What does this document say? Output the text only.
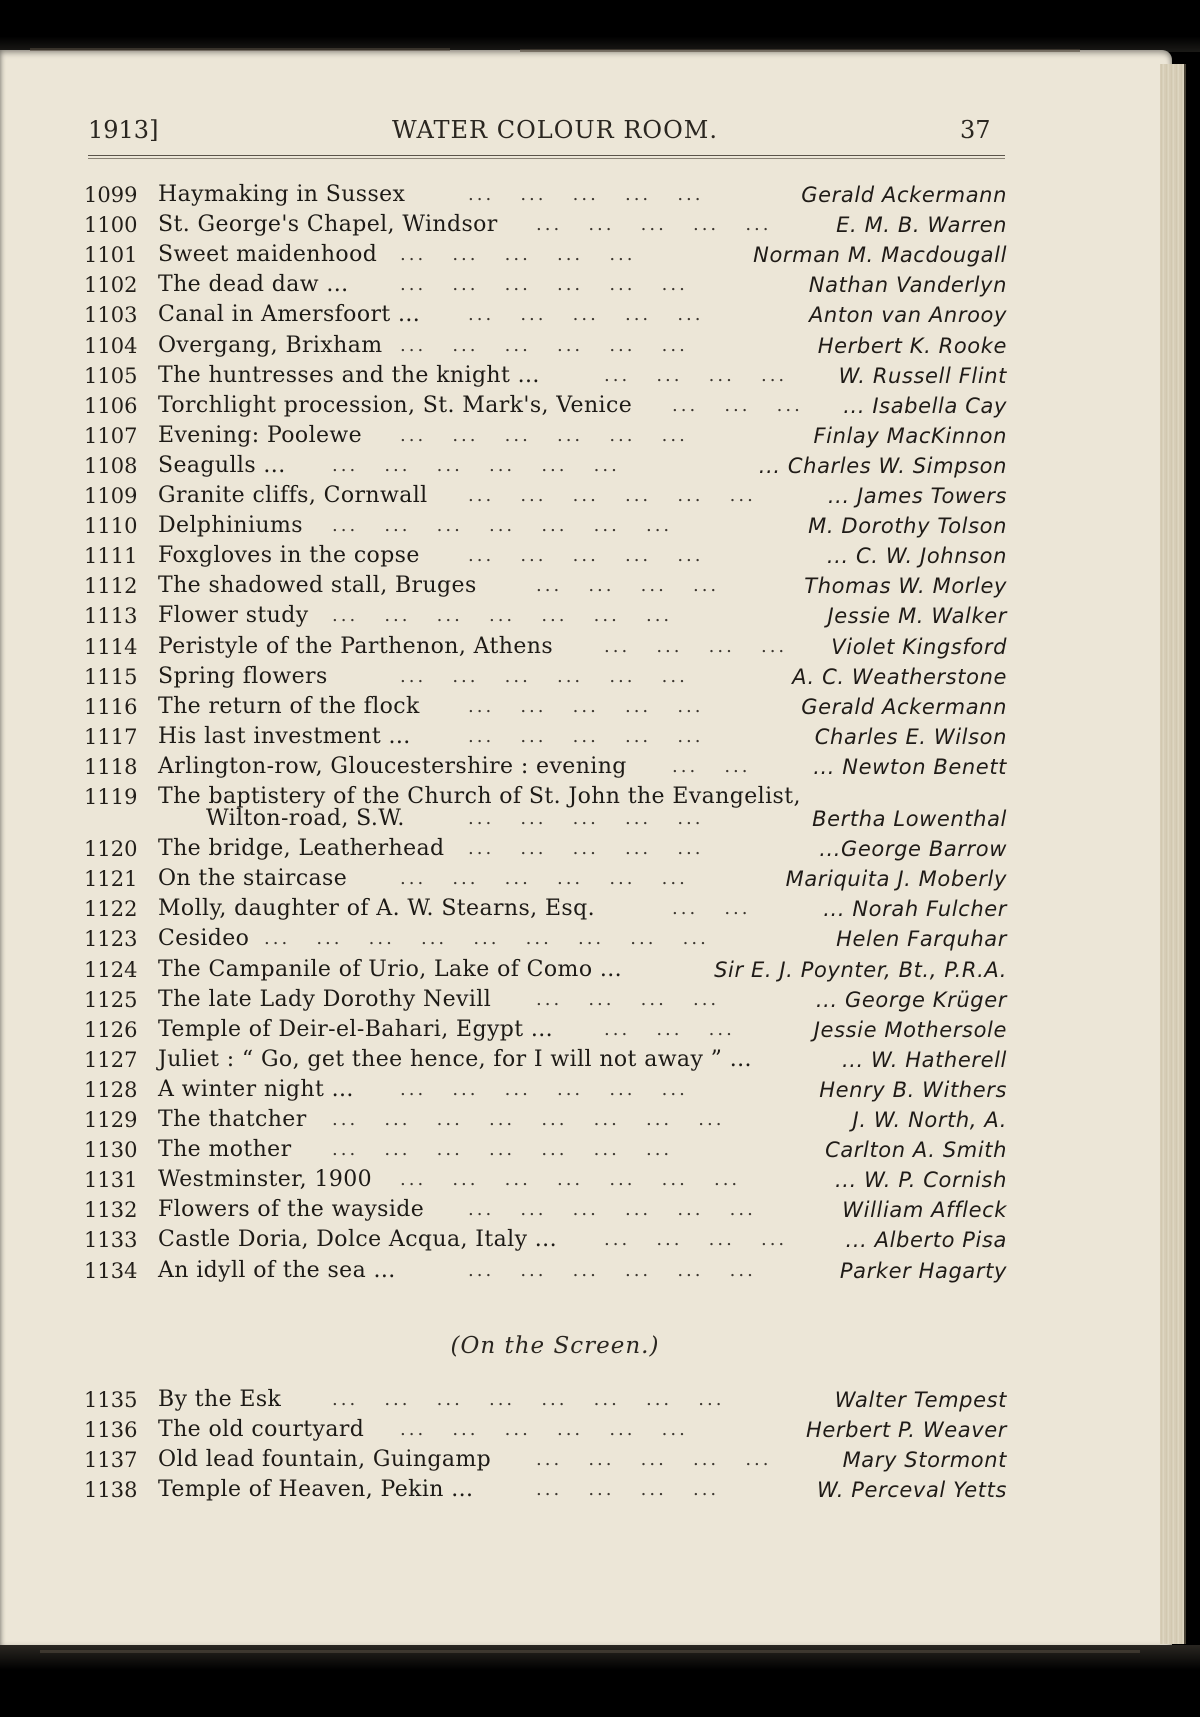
1913]	WATER COLOUR ROOM.	37
1099 Haymaking in Sussex	Gerald Ackermann
...   ...   ...   ...   ...
1100 St. George's Chapel, Windsor	E. M. B. Warren
...   ...   ...   ...   ...
1101 Sweet maidenhood	Norman M. Macdougall
...   ...   ...   ...   ...
1102 The dead daw ...	Nathan Vanderlyn
...   ...   ...   ...   ...   ...
1103 Canal in Amersfoort ...	Anton van Anrooy
...   ...   ...   ...   ...
1104 Overgang, Brixham	Herbert K. Rooke
...   ...   ...   ...   ...   ...
1105 The huntresses and the knight ...	W. Russell Flint
...   ...   ...   ...
1106 Torchlight procession, St. Mark's, Venice	... Isabella Cay
...   ...   ...
1107 Evening: Poolewe	Finlay MacKinnon
...   ...   ...   ...   ...   ...
1108 Seagulls ...	... Charles W. Simpson
...   ...   ...   ...   ...   ...
1109 Granite cliffs, Cornwall	... James Towers
...   ...   ...   ...   ...   ...
1110 Delphiniums	M. Dorothy Tolson
...   ...   ...   ...   ...   ...   ...
1111 Foxgloves in the copse	... C. W. Johnson
...   ...   ...   ...   ...
1112 The shadowed stall, Bruges	Thomas W. Morley
...   ...   ...   ...
1113 Flower study	Jessie M. Walker
...   ...   ...   ...   ...   ...   ...
1114 Peristyle of the Parthenon, Athens	Violet Kingsford
...   ...   ...   ...
1115 Spring flowers	A. C. Weatherstone
...   ...   ...   ...   ...   ...
1116 The return of the flock	Gerald Ackermann
...   ...   ...   ...   ...
1117 His last investment ...	Charles E. Wilson
...   ...   ...   ...   ...
1118 Arlington-row, Gloucestershire : evening	... Newton Benett
...   ...
1119 The baptistery of the Church of St. John the Evangelist,
Wilton-road, S.W.	Bertha Lowenthal
...   ...   ...   ...   ...
1120 The bridge, Leatherhead	...George Barrow
...   ...   ...   ...   ...
1121 On the staircase	Mariquita J. Moberly
...   ...   ...   ...   ...   ...
1122 Molly, daughter of A. W. Stearns, Esq.	... Norah Fulcher
...   ...
1123 Cesideo	Helen Farquhar
...   ...   ...   ...   ...   ...   ...   ...   ...
1124 The Campanile of Urio, Lake of Como ...	Sir E. J. Poynter, Bt., P.R.A.
1125 The late Lady Dorothy Nevill	... George Krüger
...   ...   ...   ...
1126 Temple of Deir-el-Bahari, Egypt ...	Jessie Mothersole
...   ...   ...
1127 Juliet : “ Go, get thee hence, for I will not away ” ...	... W. Hatherell
1128 A winter night ...	Henry B. Withers
...   ...   ...   ...   ...   ...
1129 The thatcher	J. W. North, A.
...   ...   ...   ...   ...   ...   ...   ...
1130 The mother	Carlton A. Smith
...   ...   ...   ...   ...   ...   ...
1131 Westminster, 1900	... W. P. Cornish
...   ...   ...   ...   ...   ...   ...
1132 Flowers of the wayside	William Affleck
...   ...   ...   ...   ...   ...
1133 Castle Doria, Dolce Acqua, Italy ...	... Alberto Pisa
...   ...   ...   ...
1134 An idyll of the sea ...	Parker Hagarty
...   ...   ...   ...   ...   ...
(On the Screen.)
1135 By the Esk	Walter Tempest
...   ...   ...   ...   ...   ...   ...   ...
1136 The old courtyard	Herbert P. Weaver
...   ...   ...   ...   ...   ...
1137 Old lead fountain, Guingamp	Mary Stormont
...   ...   ...   ...   ...
1138 Temple of Heaven, Pekin ...	W. Perceval Yetts
...   ...   ...   ...
